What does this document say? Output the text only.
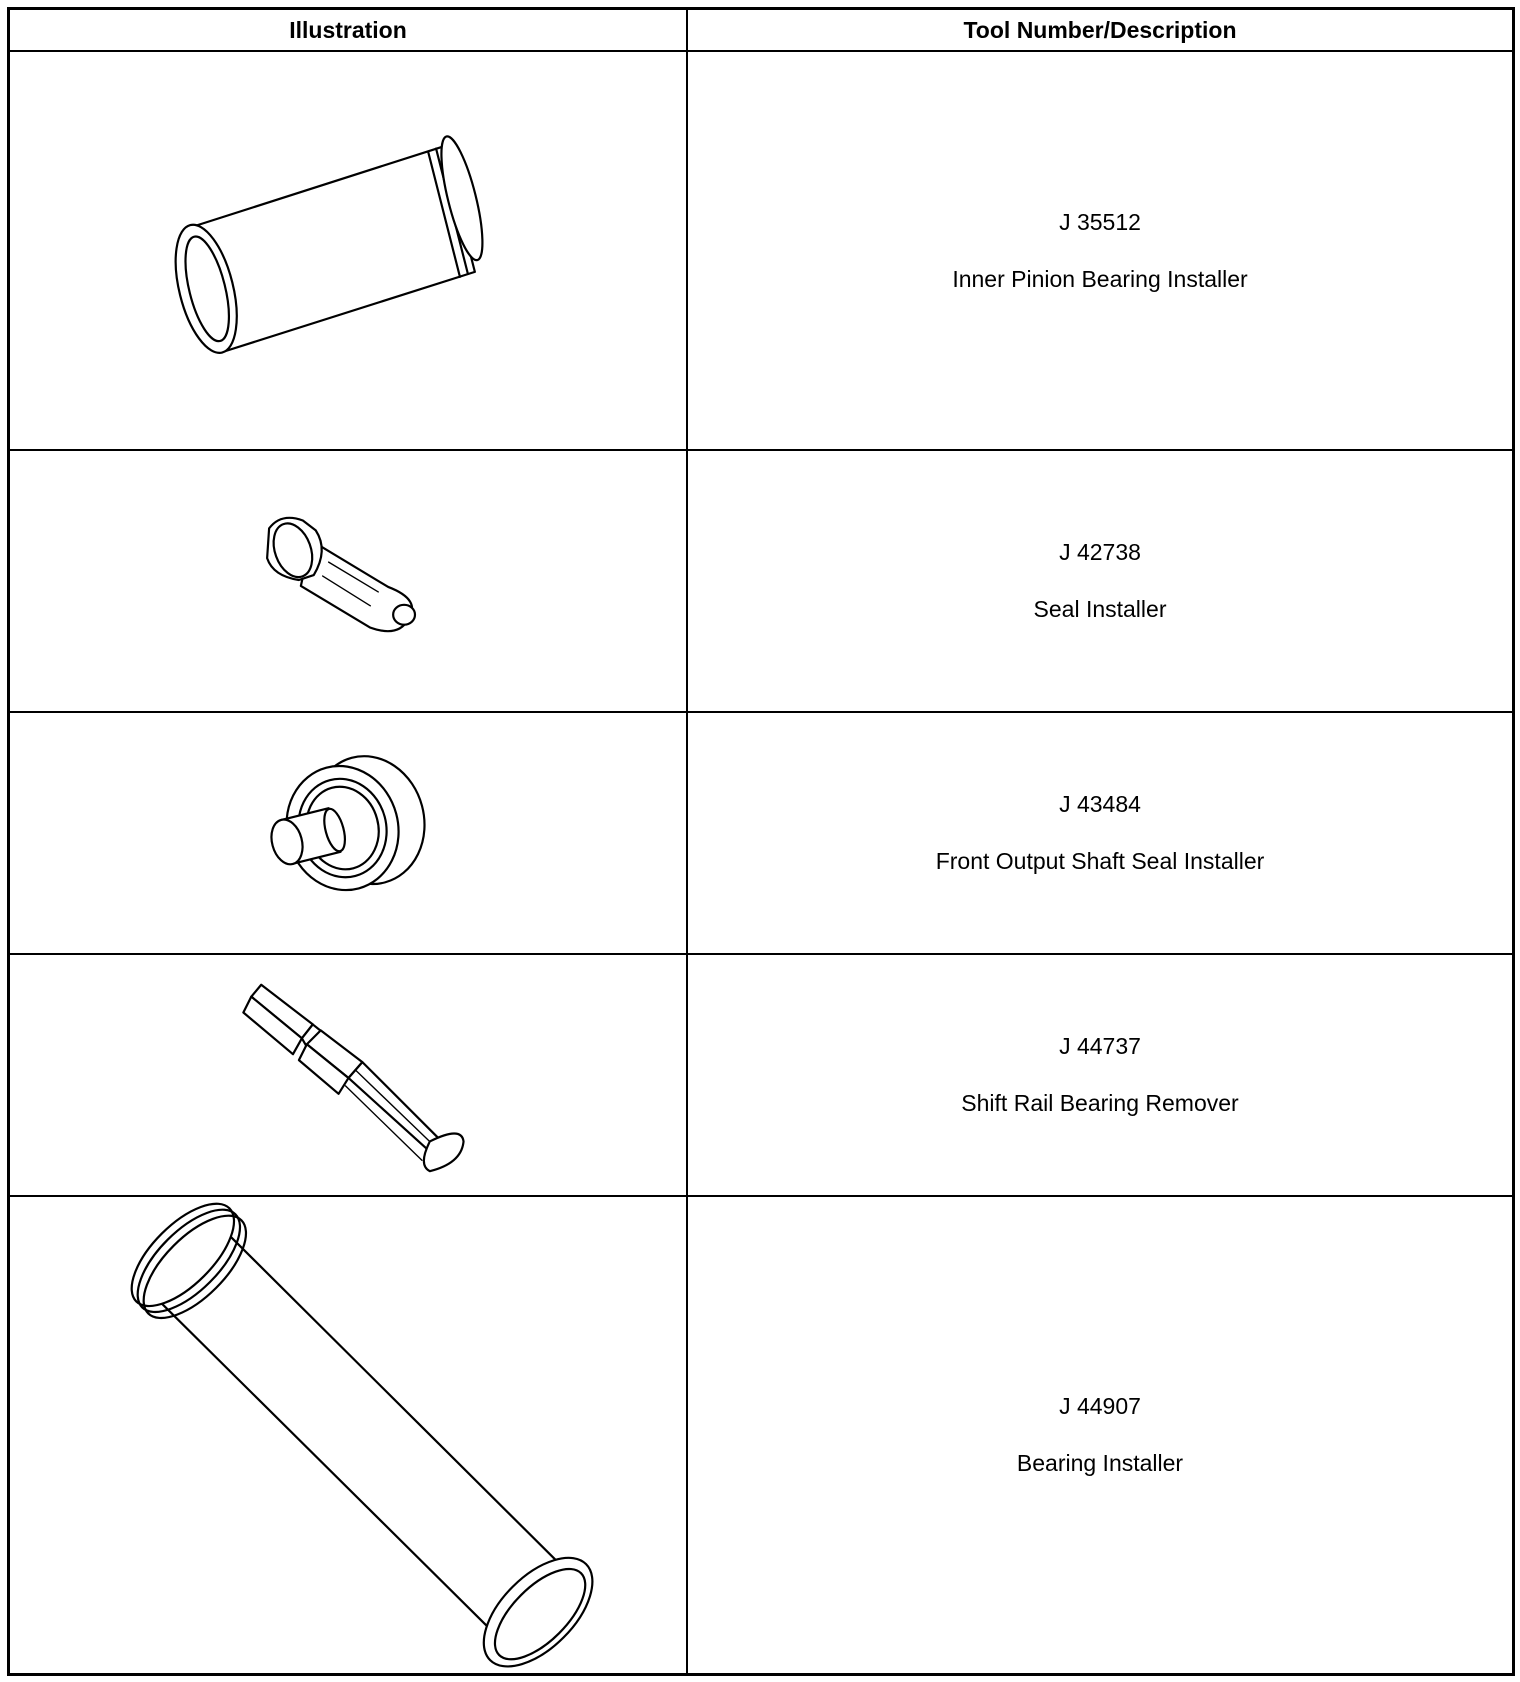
Illustration	Tool Number/Description
J 35512
Inner Pinion Bearing Installer
J 42738
Seal Installer
J 43484
Front Output Shaft Seal Installer
J 44737
Shift Rail Bearing Remover
J 44907
Bearing Installer
